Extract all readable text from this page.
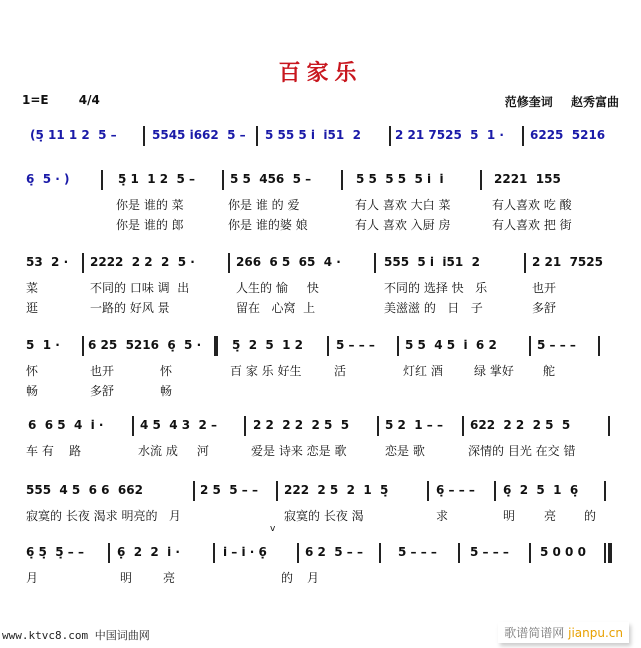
百家乐
1=E	4/4	范修奎词 赵秀富曲
(5̣ 11 1 2  5 –	5545 i̇662  5 – 5 55 5 i̇  i̇51  2	2 21 7525  5  1 · 6225  5216
6̣  5 · )	5̣ 1  1 2  5 –	5 5  456  5 –	5 5  5 5  5 i̇  i̇	2221  155
你是 谁的 菜	你是 谁 的 爱	有人 喜欢 大白 菜	有人喜欢 吃 酸
你是 谁的 郎	你是 谁的婆 娘	有人 喜欢 入厨 房	有人喜欢 把 街
53  2 · 2222  2 2  2  5 ·	266  6 5  65  4 ·	555  5 i̇  i̇51  2	2 21  7525
菜	不同的 口味 调  出	人生的 愉     快	不同的 选择 快   乐	也开
逛	一路的 好风 景	留在   心窝  上	美滋滋 的   日   子	多舒
5  1 · 6 25  5216  6̣  5 ·	5̣  2  5  1 2	5 – – –	5 5  4 5  i̇  6 2	5 – – –
怀	也开	怀	百 家 乐 好生	活	灯红 酒	绿 掌好 舵
畅	多舒	畅
6  6 5  4  i̇ ·	4 5  4 3  2 –	2 2  2 2  2 5  5	5 2  1 – – 622  2 2  2 5  5
车 有    路	水流 成     河	爱是 诗来 恋是 歌	恋是 歌	深情的 目光 在交 错
555  4 5  6 6  662	2 5  5 – – 222  2 5  2  1  5̣	6̣ – – – 6̣  2  5  1  6̣
寂寞的 长夜 渴求 明亮的   月	寂寞的 长夜 渴	求	明 亮 的
v
6̣ 5̣  5̣ – –	6̣  2  2  i̇ ·	i̇ – i̇ · 6̣	6 2  5 – –	5 – – –	5 – – –	5 0 0 0
月	明	亮	的 月
www.ktvc8.com 中国词曲网	歌谱简谱网 jianpu.cn
